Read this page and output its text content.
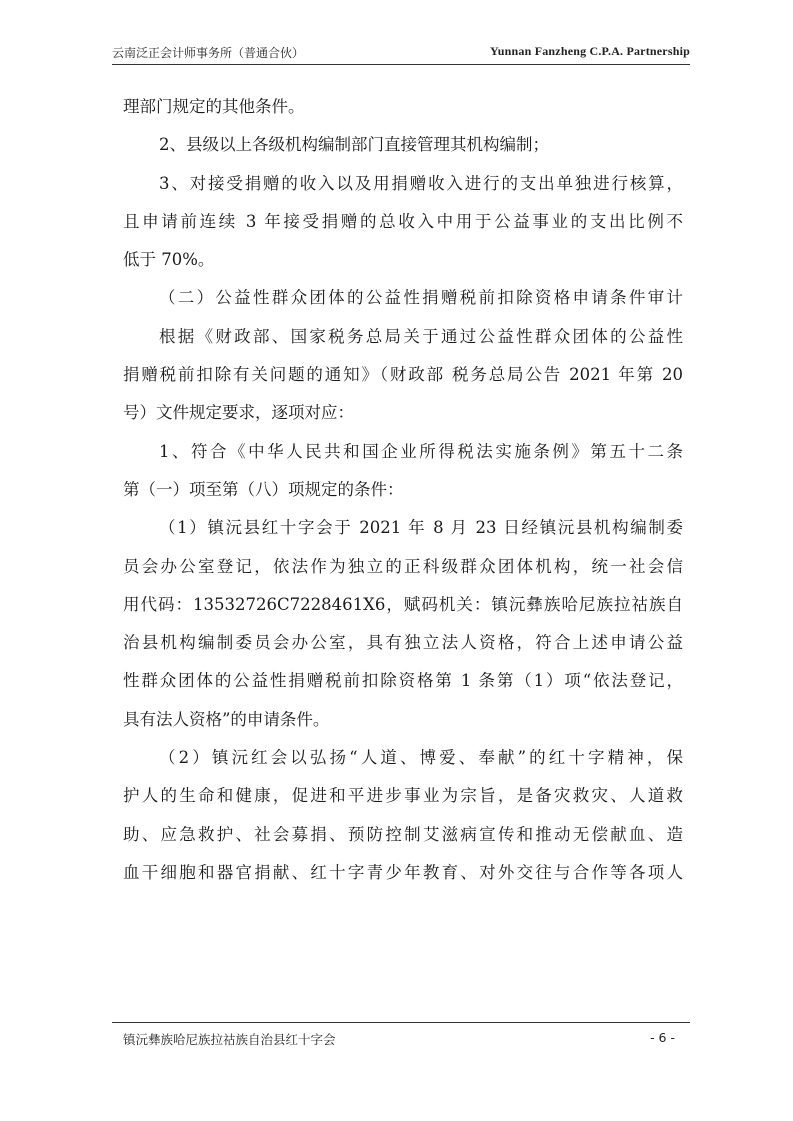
云南泛正会计师事务所（普通合伙）	Yunnan Fanzheng C.P.A. Partnership
理部门规定的其他条件。
2、县级以上各级机构编制部门直接管理其机构编制；
3、对接受捐赠的收入以及用捐赠收入进行的支出单独进行核算，
且申请前连续 3 年接受捐赠的总收入中用于公益事业的支出比例不
低于 70%。
（二）公益性群众团体的公益性捐赠税前扣除资格申请条件审计
根据《财政部、国家税务总局关于通过公益性群众团体的公益性
捐赠税前扣除有关问题的通知》（财政部 税务总局公告 2021 年第 20
号）文件规定要求，逐项对应：
1、符合《中华人民共和国企业所得税法实施条例》第五十二条
第（一）项至第（八）项规定的条件：
（1）镇沅县红十字会于 2021 年 8 月 23 日经镇沅县机构编制委
员会办公室登记，依法作为独立的正科级群众团体机构，统一社会信
用代码：13532726C7228461X6，赋码机关：镇沅彝族哈尼族拉祜族自
治县机构编制委员会办公室，具有独立法人资格，符合上述申请公益
性群众团体的公益性捐赠税前扣除资格第 1 条第（1）项“依法登记，
具有法人资格”的申请条件。
（2）镇沅红会以弘扬“人道、博爱、奉献”的红十字精神，保
护人的生命和健康，促进和平进步事业为宗旨，是备灾救灾、人道救
助、应急救护、社会募捐、预防控制艾滋病宣传和推动无偿献血、造
血干细胞和器官捐献、红十字青少年教育、对外交往与合作等各项人
镇沅彝族哈尼族拉祜族自治县红十字会	- 6 -
